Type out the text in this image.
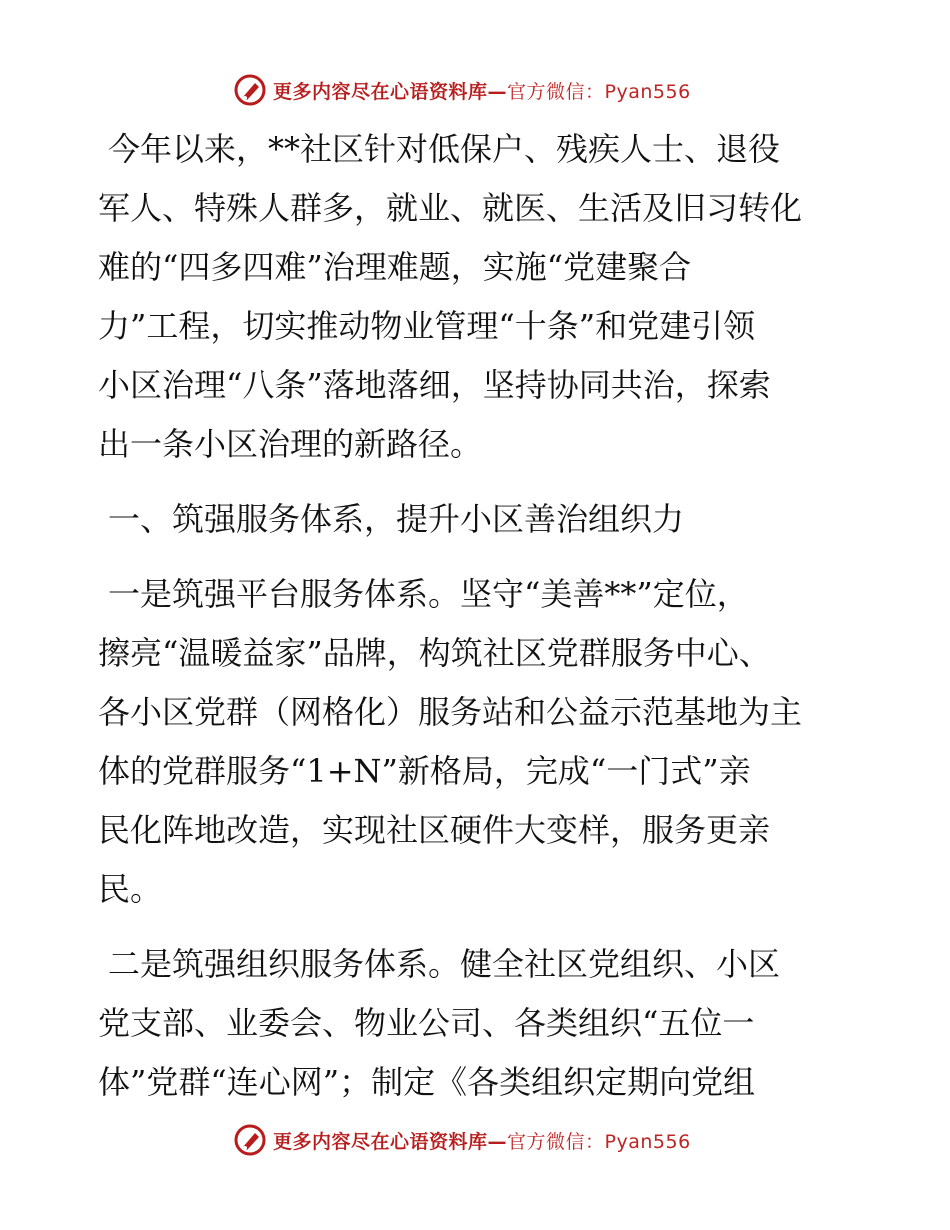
更多内容尽在心语资料库—官方微信：Pyan556

今年以来，**社区针对低保户、残疾人士、退役

军人、特殊人群多，就业、就医、生活及旧习转化

难的“四多四难”治理难题，实施“党建聚合

力”工程，切实推动物业管理“十条”和党建引领

小区治理“八条”落地落细，坚持协同共治，探索

出一条小区治理的新路径。

一、筑强服务体系，提升小区善治组织力

一是筑强平台服务体系。坚守“美善**”定位，

擦亮“温暖益家”品牌，构筑社区党群服务中心、

各小区党群（网格化）服务站和公益示范基地为主

体的党群服务“1+N”新格局，完成“一门式”亲

民化阵地改造，实现社区硬件大变样，服务更亲

民。

二是筑强组织服务体系。健全社区党组织、小区

党支部、业委会、物业公司、各类组织“五位一

体”党群“连心网”；制定《各类组织定期向党组

更多内容尽在心语资料库—官方微信：Pyan556
